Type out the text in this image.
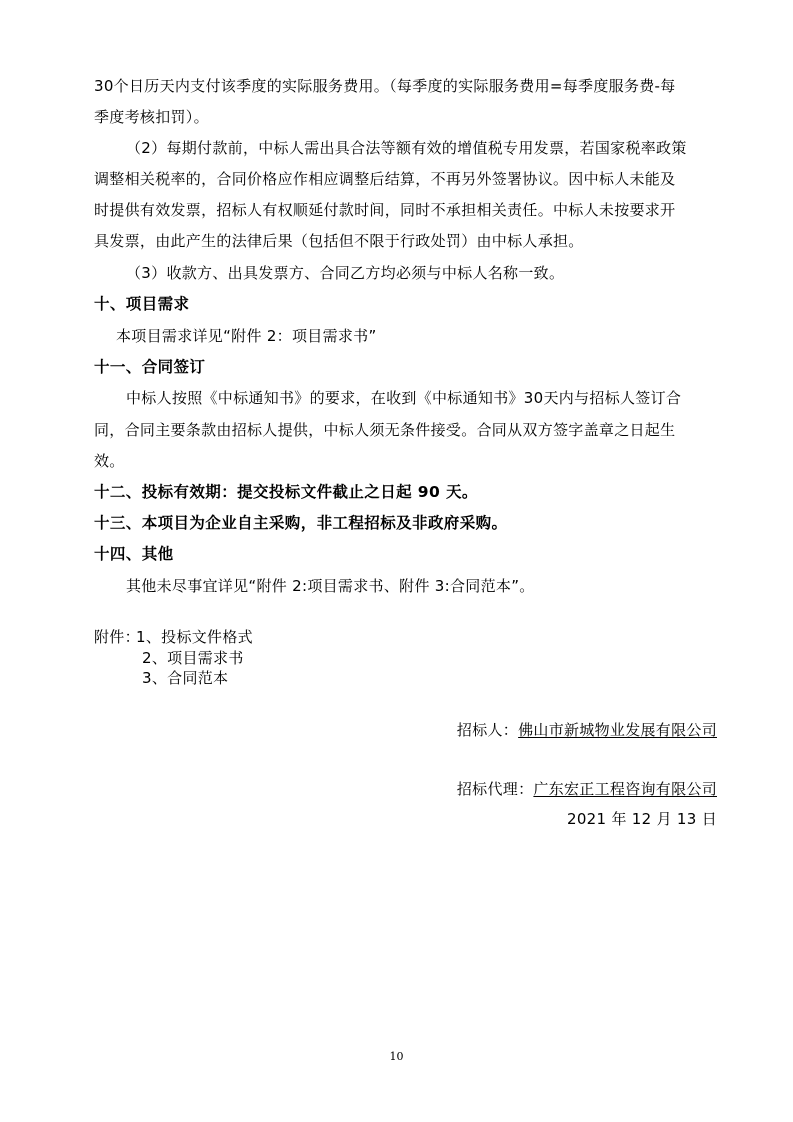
30个日历天内支付该季度的实际服务费用。（每季度的实际服务费用=每季度服务费-每
季度考核扣罚）。
（2）每期付款前，中标人需出具合法等额有效的增值税专用发票，若国家税率政策
调整相关税率的，合同价格应作相应调整后结算，不再另外签署协议。因中标人未能及
时提供有效发票，招标人有权顺延付款时间，同时不承担相关责任。中标人未按要求开
具发票，由此产生的法律后果（包括但不限于行政处罚）由中标人承担。
（3）收款方、出具发票方、合同乙方均必须与中标人名称一致。
十、项目需求
本项目需求详见“附件 2：项目需求书”
十一、合同签订
中标人按照《中标通知书》的要求，在收到《中标通知书》30天内与招标人签订合
同，合同主要条款由招标人提供，中标人须无条件接受。合同从双方签字盖章之日起生
效。
十二、投标有效期：提交投标文件截止之日起 90 天。
十三、本项目为企业自主采购，非工程招标及非政府采购。
十四、其他
其他未尽事宜详见“附件 2:项目需求书、附件 3:合同范本”。
附件：
1、投标文件格式
2、项目需求书
3、合同范本
招标人：佛山市新城物业发展有限公司
招标代理：广东宏正工程咨询有限公司
2021 年 12 月 13 日
10
